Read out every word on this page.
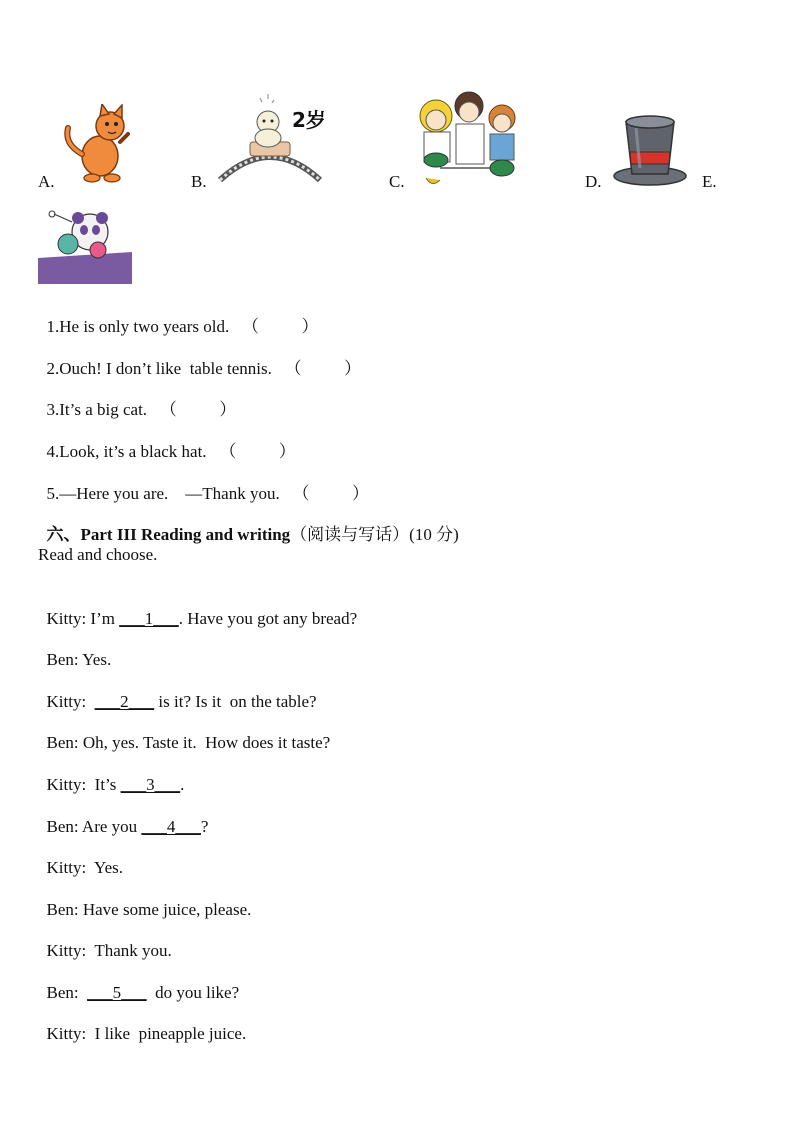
A.	B.
2岁
C.	D.	E.

1.He is only two years old. （          ）

2.Ouch! I don’t like  table tennis. （          ）

3.It’s a big cat. （          ）

4.Look, it’s a black hat. （          ）

5.—Here you are.    —Thank you. （          ）

六、Part III Reading and writing（阅读与写话）(10 分)

Read and choose.

Kitty: I’m ___1___. Have you got any bread?

Ben: Yes.

Kitty: ___2___ is it? Is it  on the table?

Ben: Oh, yes. Taste it.  How does it taste?

Kitty:  It’s ___3___.

Ben: Are you ___4___?

Kitty:  Yes.

Ben: Have some juice, please.

Kitty:  Thank you.

Ben: ___5___  do you like?

Kitty:  I like  pineapple juice.
